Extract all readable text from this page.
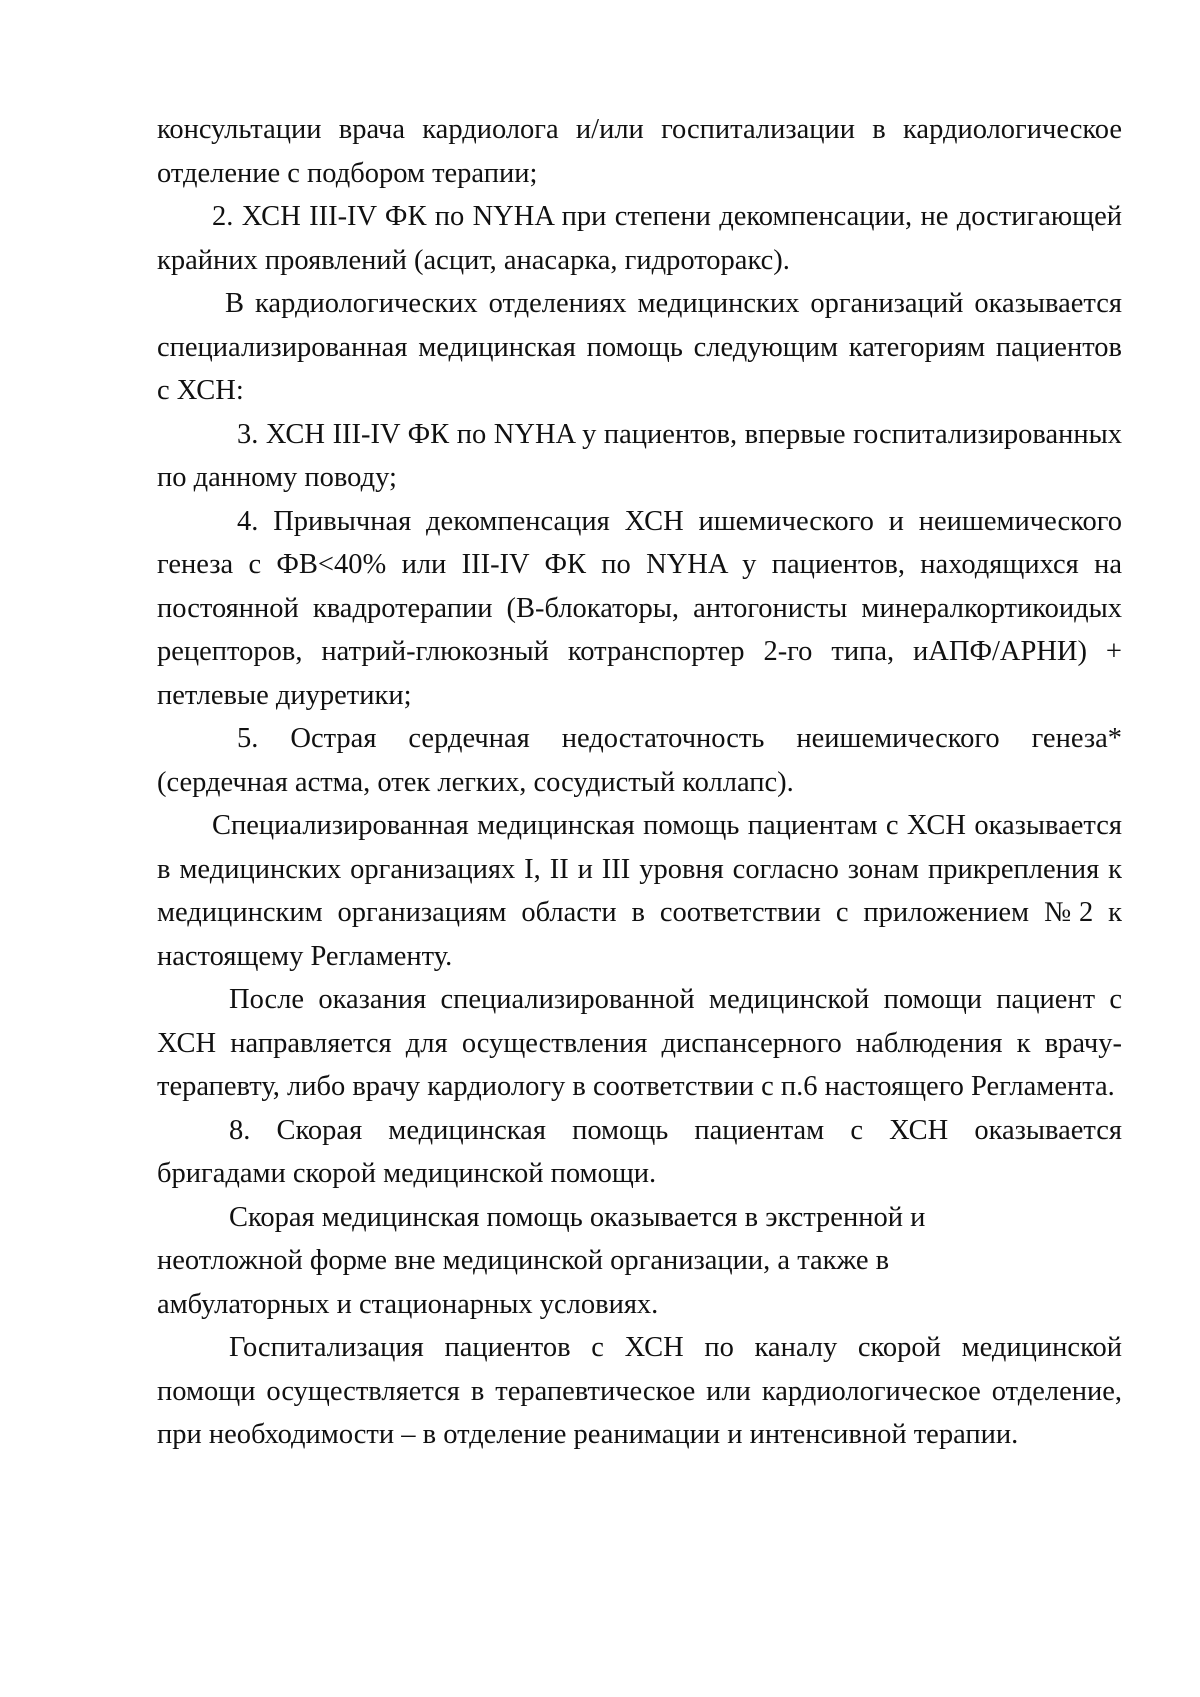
консультации врача кардиолога и/или госпитализации в кардиологическое отделение с подбором терапии;

2. ХСН III-IV ФК по NYHA при степени декомпенсации, не достигающей крайних проявлений (асцит, анасарка, гидроторакс).

В кардиологических отделениях медицинских организаций оказывается специализированная медицинская помощь следующим категориям пациентов с ХСН:

3. ХСН III-IV ФК по NYHA у пациентов, впервые госпитализированных по данному поводу;

4. Привычная декомпенсация ХСН ишемического и неишемического генеза с ФВ<40% или III-IV ФК по NYHA у пациентов, находящихся на постоянной квадротерапии (В-блокаторы, антогонисты минералкортикоидых рецепторов, натрий-глюкозный котранспортер 2-го типа, иАПФ/АРНИ) + петлевые диуретики;

5. Острая сердечная недостаточность неишемического генеза* (сердечная астма, отек легких, сосудистый коллапс).

Специализированная медицинская помощь пациентам с ХСН оказывается в медицинских организациях I, II и III уровня согласно зонам прикрепления к медицинским организациям области в соответствии с приложением №2 к настоящему Регламенту.

После оказания специализированной медицинской помощи пациент с ХСН направляется для осуществления диспансерного наблюдения к врачу-терапевту, либо врачу кардиологу в соответствии с п.6 настоящего Регламента.

8. Скорая медицинская помощь пациентам с ХСН оказывается бригадами скорой медицинской помощи.

Скорая медицинская помощь оказывается в экстренной и неотложной форме вне медицинской организации, а также в амбулаторных и стационарных условиях.

Госпитализация пациентов с ХСН по каналу скорой медицинской помощи осуществляется в терапевтическое или кардиологическое отделение, при необходимости – в отделение реанимации и интенсивной терапии.
